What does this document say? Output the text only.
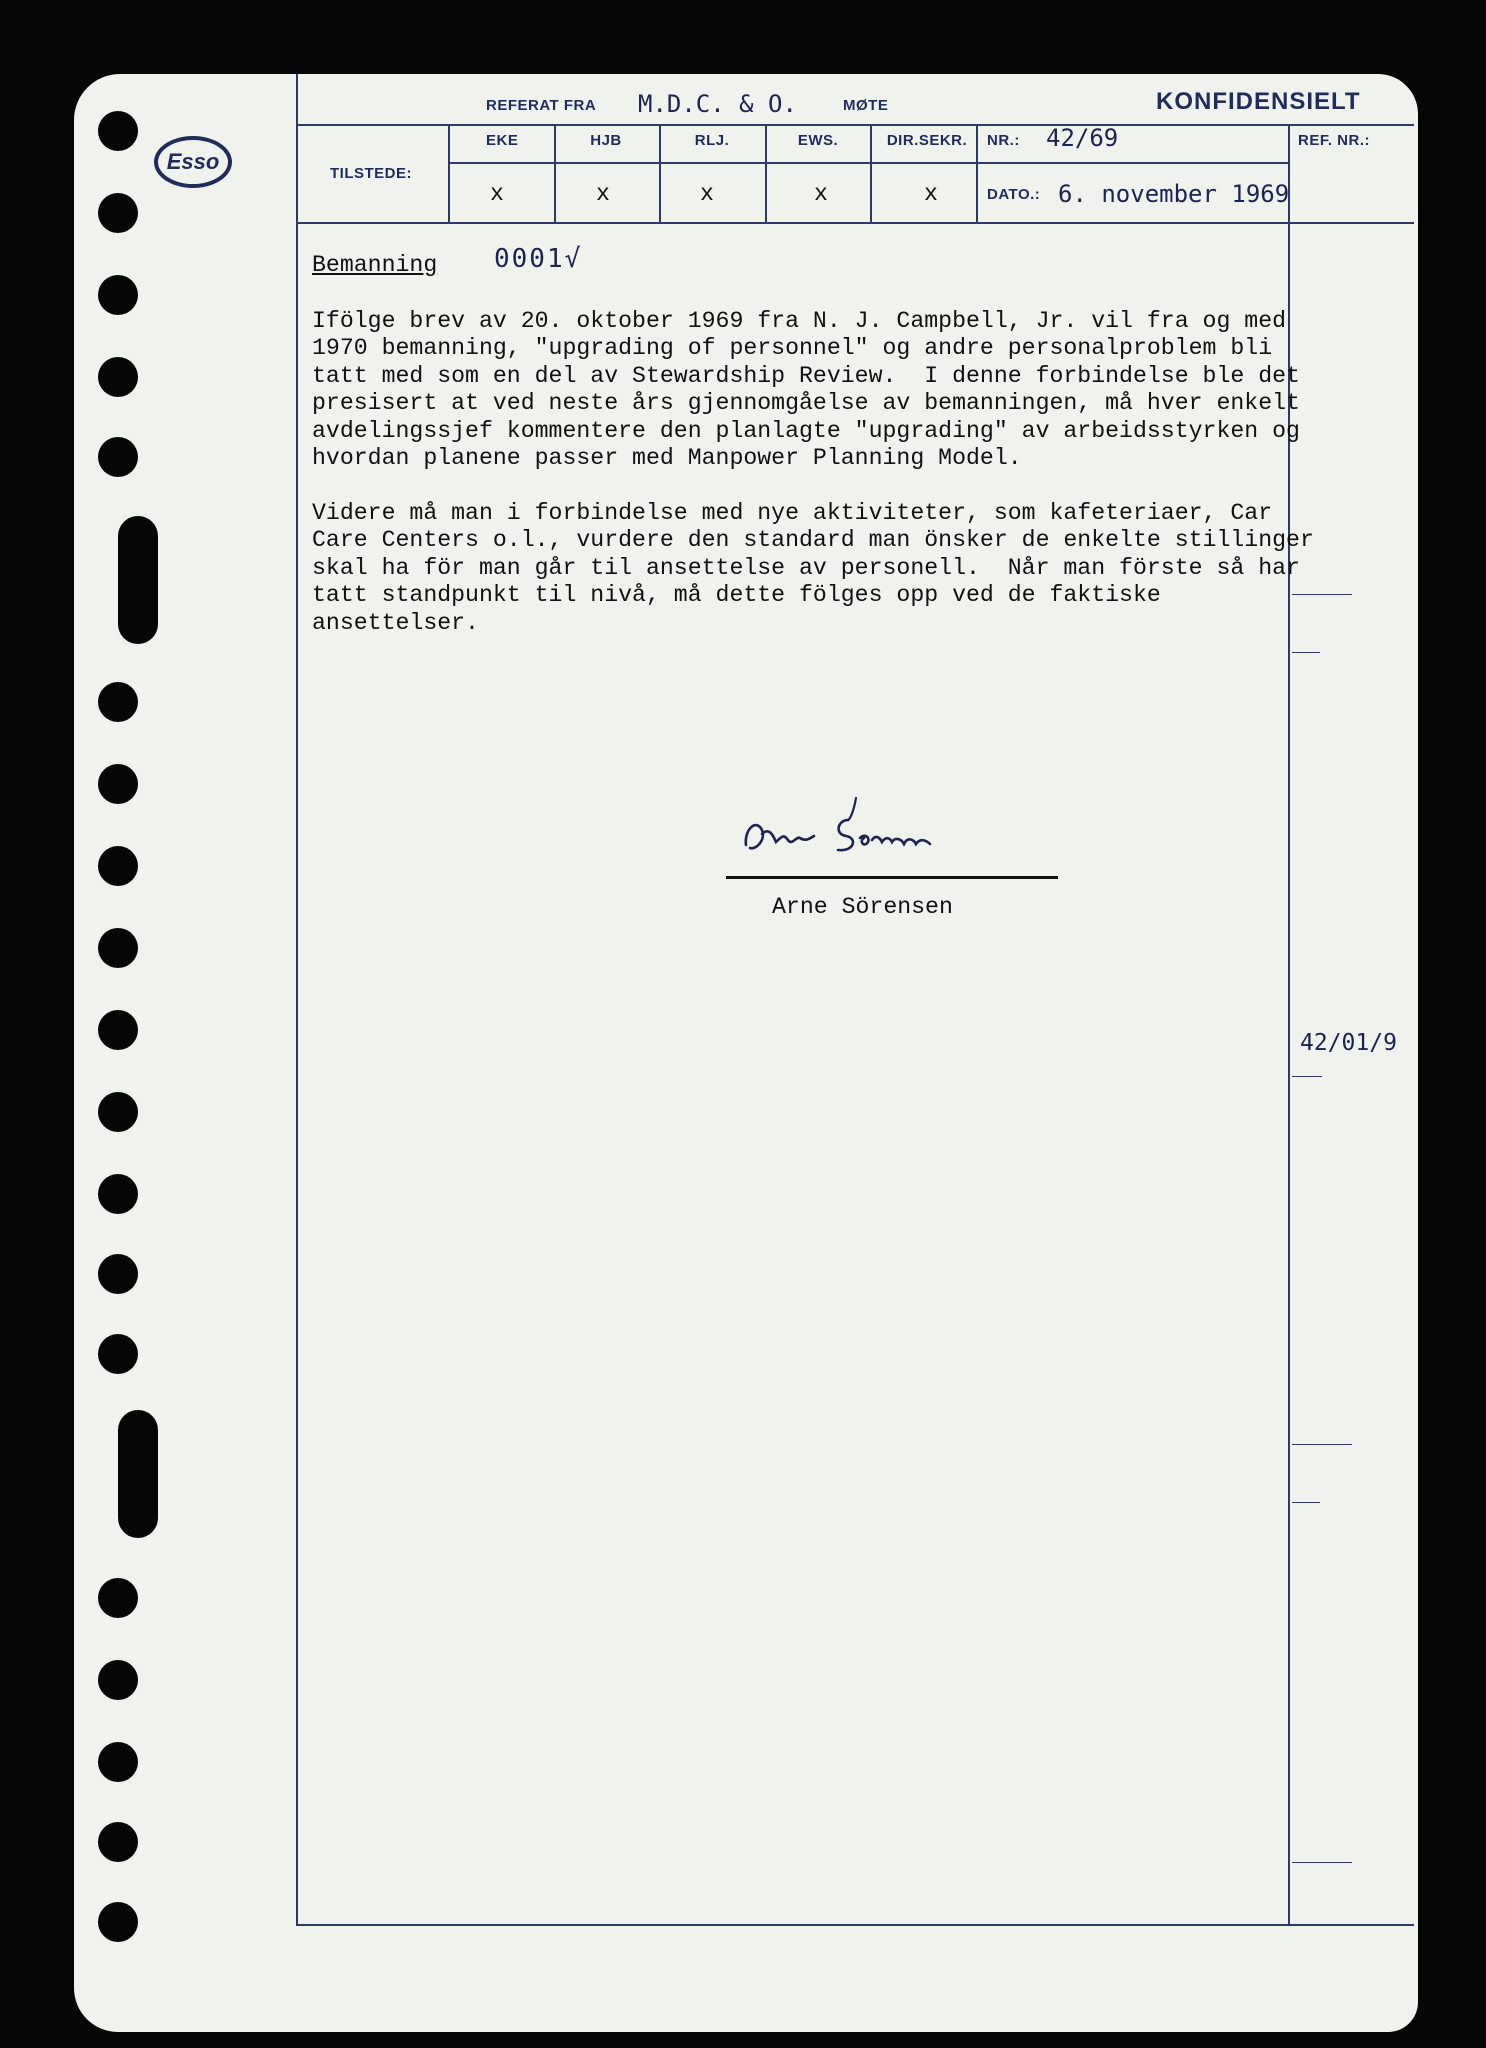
Esso
REFERAT FRA M.D.C. & O.	MØTE	KONFIDENSIELT
TILSTEDE:
EKE	HJB	RLJ.	EWS.	DIR.SEKR.
x	x	x	x	x
NR.: 42/69
DATO.: 6. november 1969
REF. NR.:
Bemanning 0001√

Ifölge brev av 20. oktober 1969 fra N. J. Campbell, Jr. vil fra og med

1970 bemanning, "upgrading of personnel" og andre personalproblem bli

tatt med som en del av Stewardship Review.  I denne forbindelse ble det

presisert at ved neste års gjennomgåelse av bemanningen, må hver enkelt

avdelingssjef kommentere den planlagte "upgrading" av arbeidsstyrken og

hvordan planene passer med Manpower Planning Model.

Videre må man i forbindelse med nye aktiviteter, som kafeteriaer, Car

Care Centers o.l., vurdere den standard man önsker de enkelte stillinger

skal ha för man går til ansettelse av personell.  Når man förste så har

tatt standpunkt til nivå, må dette fölges opp ved de faktiske

ansettelser.

Arne Sörensen
42/01/9
